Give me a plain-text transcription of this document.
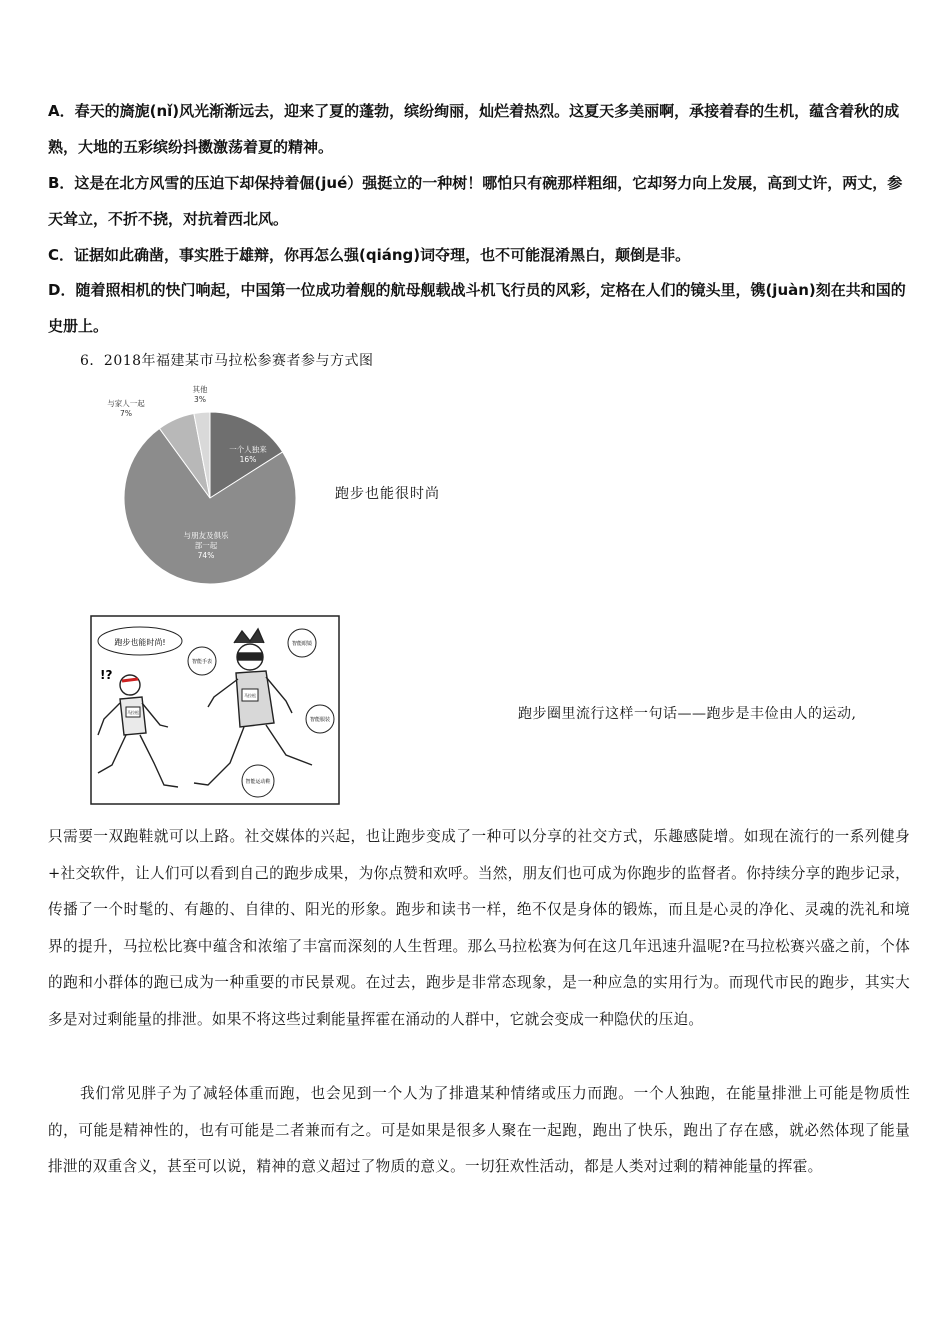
A．春天的旖旎(nǐ)风光渐渐远去，迎来了夏的蓬勃，缤纷绚丽，灿烂着热烈。这夏天多美丽啊，承接着春的生机，蕴含着秋的成熟，大地的五彩缤纷抖擞激荡着夏的精神。
B．这是在北方风雪的压迫下却保持着倔(jué）强挺立的一种树！哪怕只有碗那样粗细，它却努力向上发展，高到丈许，两丈，参天耸立，不折不挠，对抗着西北风。
C．证据如此确凿，事实胜于雄辩，你再怎么强(qiáng)词夺理，也不可能混淆黑白，颠倒是非。
D．随着照相机的快门响起，中国第一位成功着舰的航母舰载战斗机飞行员的风彩，定格在人们的镜头里，镌(juàn)刻在共和国的史册上。
6．2018年福建某市马拉松参赛者参与方式图
一个人独来
16%
与朋友及俱乐
部一起
74%
与家人一起
7%
其他
3%
跑步也能很时尚
跑步也能时尚!
!?
马拉松
马拉松
智能手表
智能眼镜
智能服装
智能运动鞋
跑步圈里流行这样一句话——跑步是丰俭由人的运动,
只需要一双跑鞋就可以上路。社交媒体的兴起，也让跑步变成了一种可以分享的社交方式，乐趣感陡增。如现在流行的一系列健身+社交软件，让人们可以看到自己的跑步成果，为你点赞和欢呼。当然，朋友们也可成为你跑步的监督者。你持续分享的跑步记录，传播了一个时髦的、有趣的、自律的、阳光的形象。跑步和读书一样，绝不仅是身体的锻炼，而且是心灵的净化、灵魂的洗礼和境界的提升，马拉松比赛中蕴含和浓缩了丰富而深刻的人生哲理。那么马拉松赛为何在这几年迅速升温呢?在马拉松赛兴盛之前，个体的跑和小群体的跑已成为一种重要的市民景观。在过去，跑步是非常态现象，是一种应急的实用行为。而现代市民的跑步，其实大多是对过剩能量的排泄。如果不将这些过剩能量挥霍在涌动的人群中，它就会变成一种隐伏的压迫。
我们常见胖子为了减轻体重而跑，也会见到一个人为了排遣某种情绪或压力而跑。一个人独跑，在能量排泄上可能是物质性的，可能是精神性的，也有可能是二者兼而有之。可是如果是很多人聚在一起跑，跑出了快乐，跑出了存在感，就必然体现了能量排泄的双重含义，甚至可以说，精神的意义超过了物质的意义。一切狂欢性活动，都是人类对过剩的精神能量的挥霍。
